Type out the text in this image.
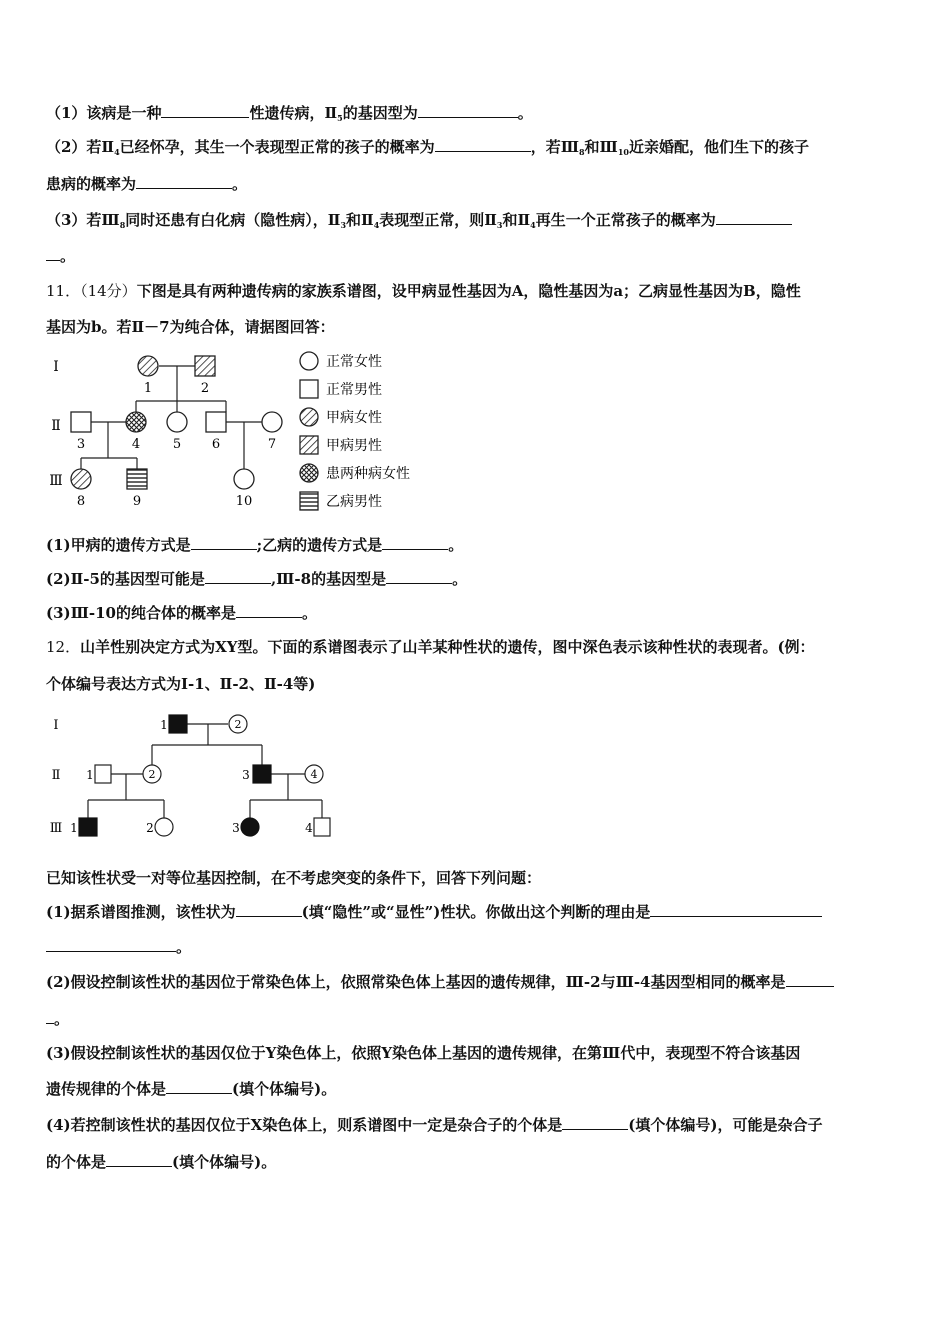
（1）该病是一种	性遗传病，$Ⅱ_5$的基因型为	。
（2）若$Ⅱ_4$已经怀孕，其生一个表现型正常的孩子的概率为	，若$Ⅲ_8$和$Ⅲ_{10}$近亲婚配，他们生下的孩子
患病的概率为	。
（3）若$Ⅲ_8$同时还患有白化病（隐性病），$Ⅱ_3$和$Ⅱ_4$表现型正常，则$Ⅱ_3$和$Ⅱ_4$再生一个正常孩子的概率为
。
11．（14分）下图是具有两种遗传病的家族系谱图，设甲病显性基因为A，隐性基因为a；乙病显性基因为B，隐性
基因为b。若Ⅱ－7为纯合体，请据图回答：
Ⅰ
Ⅱ
Ⅲ
1	2
3	4	5 6	7
8	9	10
正常女性
正常男性
甲病女性
甲病男性
患两种病女性
乙病男性
(1)甲病的遗传方式是	;乙病的遗传方式是	。
(2)Ⅱ-5的基因型可能是	,Ⅲ-8的基因型是	。
(3)Ⅲ-10的纯合体的概率是	。
12．山羊性别决定方式为XY型。下面的系谱图表示了山羊某种性状的遗传，图中深色表示该种性状的表现者。(例：
个体编号表达方式为Ⅰ-1、Ⅱ-2、Ⅱ-4等)
Ⅰ
Ⅱ
Ⅲ
1	2
1	2	3	4
1	2	3	4
已知该性状受一对等位基因控制，在不考虑突变的条件下，回答下列问题：
(1)据系谱图推测，该性状为	(填“隐性”或“显性”)性状。你做出这个判断的理由是
。
(2)假设控制该性状的基因位于常染色体上，依照常染色体上基因的遗传规律，Ⅲ-2与Ⅲ-4基因型相同的概率是
。
(3)假设控制该性状的基因仅位于Y染色体上，依照Y染色体上基因的遗传规律，在第Ⅲ代中，表现型不符合该基因
遗传规律的个体是	(填个体编号)。
(4)若控制该性状的基因仅位于X染色体上，则系谱图中一定是杂合子的个体是	(填个体编号)，可能是杂合子
的个体是	(填个体编号)。
